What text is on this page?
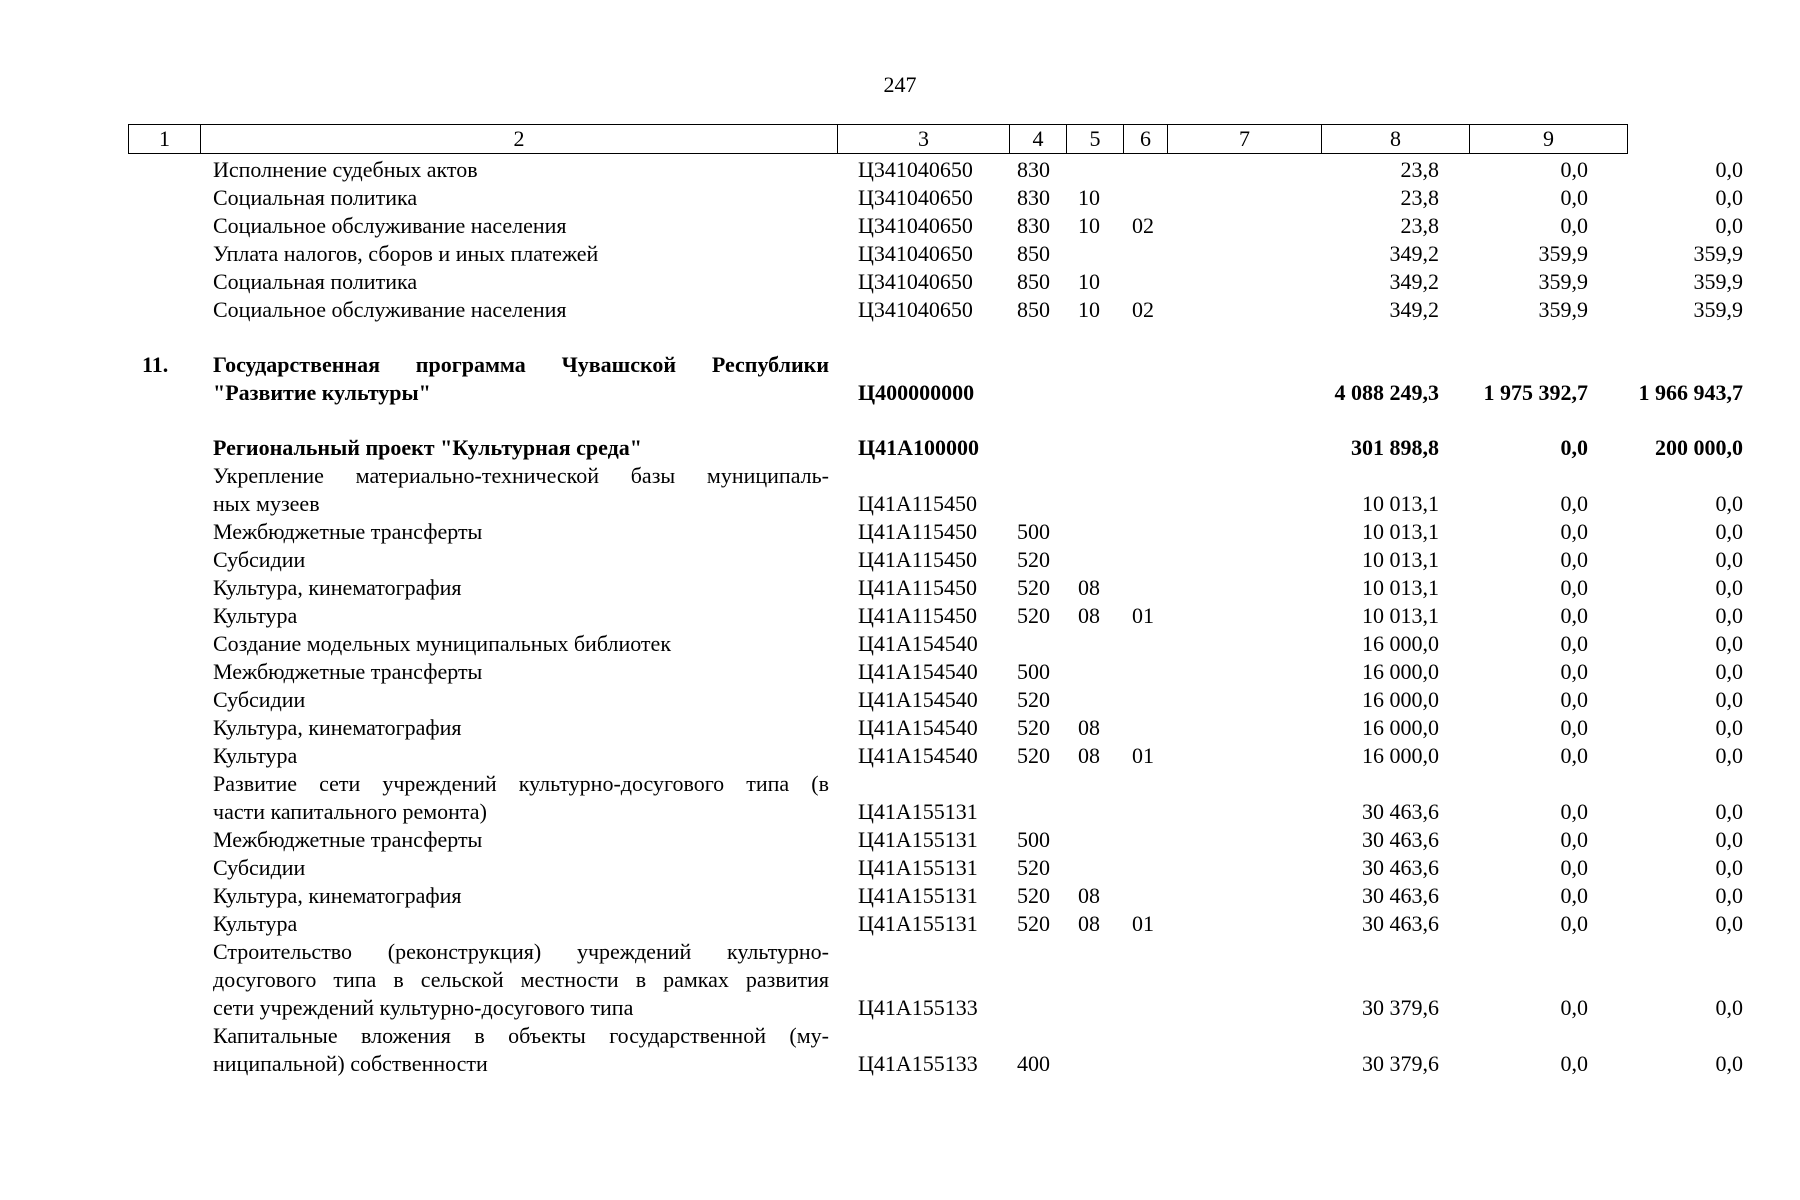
247
1	2	3	4	5	6	7	8	9
Исполнение судебных актов	Ц341040650 830	23,8	0,0	0,0
Социальная политика	Ц341040650 830 10	23,8	0,0	0,0
Социальное обслуживание населения	Ц341040650 830 10 02	23,8	0,0	0,0
Уплата налогов, сборов и иных платежей	Ц341040650 850	349,2	359,9	359,9
Социальная политика	Ц341040650 850 10	349,2	359,9	359,9
Социальное обслуживание населения	Ц341040650 850 10 02	349,2	359,9	359,9
11. Государственная программа Чувашской Республики
"Развитие культуры"	Ц400000000	4 088 249,3	1 975 392,7	1 966 943,7
Региональный проект "Культурная среда"	Ц41A100000	301 898,8	0,0	200 000,0
Укрепление материально-технической базы муниципаль-
ных музеев	Ц41A115450	10 013,1	0,0	0,0
Межбюджетные трансферты	Ц41A115450 500	10 013,1	0,0	0,0
Субсидии	Ц41A115450 520	10 013,1	0,0	0,0
Культура, кинематография	Ц41A115450 520 08	10 013,1	0,0	0,0
Культура	Ц41A115450 520 08 01	10 013,1	0,0	0,0
Создание модельных муниципальных библиотек	Ц41A154540	16 000,0	0,0	0,0
Межбюджетные трансферты	Ц41A154540 500	16 000,0	0,0	0,0
Субсидии	Ц41A154540 520	16 000,0	0,0	0,0
Культура, кинематография	Ц41A154540 520 08	16 000,0	0,0	0,0
Культура	Ц41A154540 520 08 01	16 000,0	0,0	0,0
Развитие сети учреждений культурно-досугового типа (в
части капитального ремонта)	Ц41A155131	30 463,6	0,0	0,0
Межбюджетные трансферты	Ц41A155131 500	30 463,6	0,0	0,0
Субсидии	Ц41A155131 520	30 463,6	0,0	0,0
Культура, кинематография	Ц41A155131 520 08	30 463,6	0,0	0,0
Культура	Ц41A155131 520 08 01	30 463,6	0,0	0,0
Строительство (реконструкция) учреждений культурно-
досугового типа в сельской местности в рамках развития
сети учреждений культурно-досугового типа	Ц41A155133	30 379,6	0,0	0,0
Капитальные вложения в объекты государственной (му-
ниципальной) собственности	Ц41A155133 400	30 379,6	0,0	0,0
